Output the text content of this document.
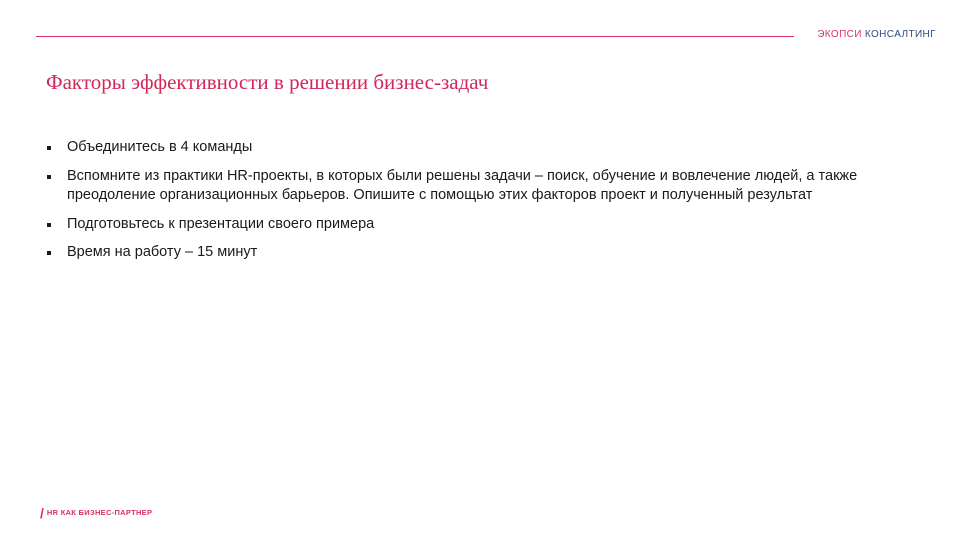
ЭКОПСИ КОНСАЛТИНГ
Факторы эффективности в решении бизнес-задач
Объединитесь в 4 команды
Вспомните из практики HR-проекты, в которых были решены задачи – поиск, обучение и вовлечение людей, а также преодоление организационных барьеров. Опишите с помощью этих факторов проект и полученный результат
Подготовьтесь к презентации своего примера
Время на работу – 15 минут
/ HR КАК БИЗНЕС-ПАРТНЕР
